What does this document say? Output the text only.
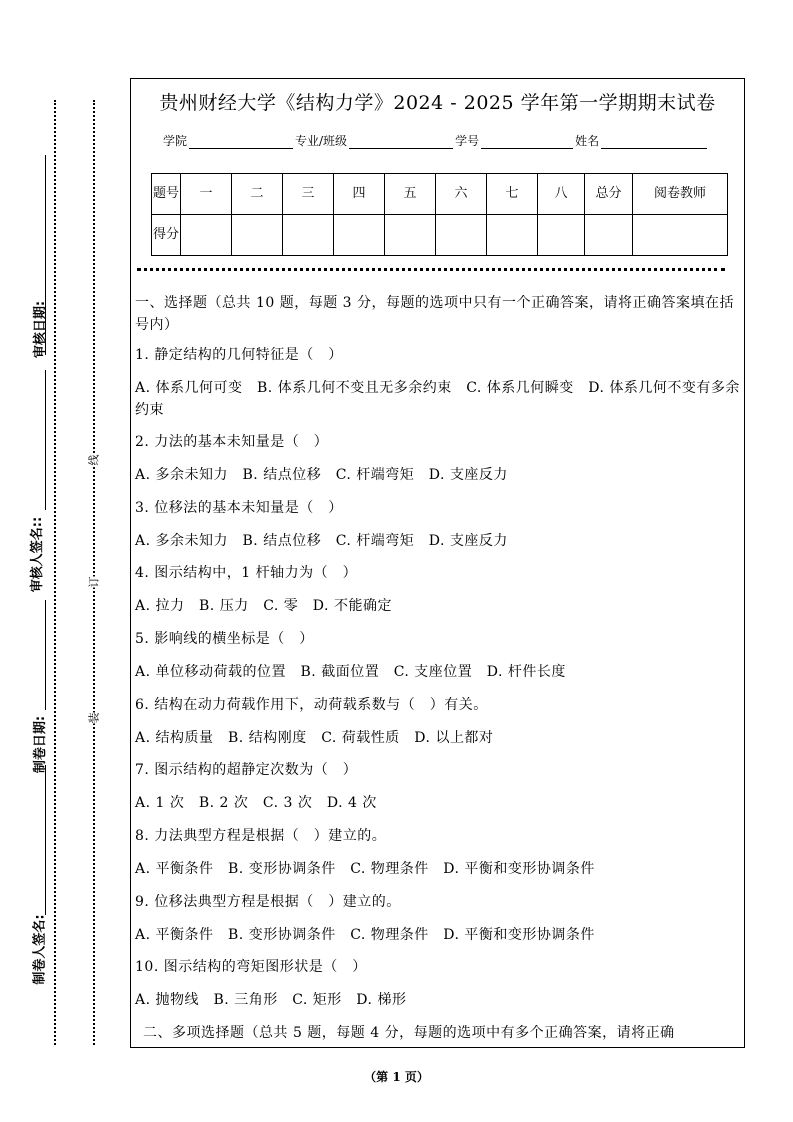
审核日期:
审核人签名::
制卷日期:
制卷人签名:
线
订
装
贵州财经大学《结构力学》2024 - 2025 学年第一学期期末试卷
学院	专业/班级	学号	姓名
题号	一	二	三	四	五	六	七	八	总分	阅卷教师
得分										
一、选择题（总共 10 题，每题 3 分，每题的选项中只有一个正确答案，请将正确答案填在括号内）
1. 静定结构的几何特征是（　）
A. 体系几何可变　B. 体系几何不变且无多余约束　C. 体系几何瞬变　D. 体系几何不变有多余约束
2. 力法的基本未知量是（　）
A. 多余未知力　B. 结点位移　C. 杆端弯矩　D. 支座反力
3. 位移法的基本未知量是（　）
A. 多余未知力　B. 结点位移　C. 杆端弯矩　D. 支座反力
4. 图示结构中，1 杆轴力为（　）
A. 拉力　B. 压力　C. 零　D. 不能确定
5. 影响线的横坐标是（　）
A. 单位移动荷载的位置　B. 截面位置　C. 支座位置　D. 杆件长度
6. 结构在动力荷载作用下，动荷载系数与（　）有关。
A. 结构质量　B. 结构刚度　C. 荷载性质　D. 以上都对
7. 图示结构的超静定次数为（　）
A. 1 次　B. 2 次　C. 3 次　D. 4 次
8. 力法典型方程是根据（　）建立的。
A. 平衡条件　B. 变形协调条件　C. 物理条件　D. 平衡和变形协调条件
9. 位移法典型方程是根据（　）建立的。
A. 平衡条件　B. 变形协调条件　C. 物理条件　D. 平衡和变形协调条件
10. 图示结构的弯矩图形状是（　）
A. 抛物线　B. 三角形　C. 矩形　D. 梯形
二、多项选择题（总共 5 题，每题 4 分，每题的选项中有多个正确答案，请将正确
（第 1 页）
